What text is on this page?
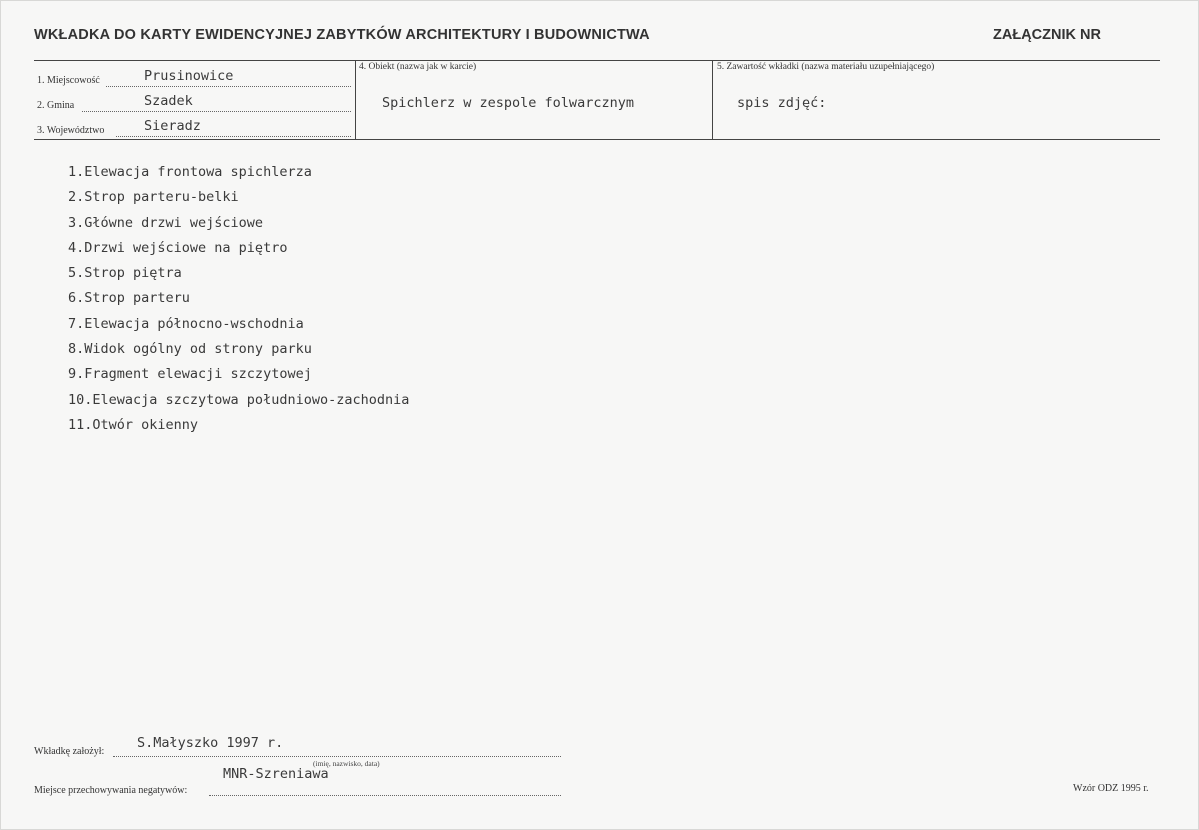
WKŁADKA DO KARTY EWIDENCYJNEJ ZABYTKÓW ARCHITEKTURY I BUDOWNICTWA	ZAŁĄCZNIK NR
1. Miejscowość	Prusinowice
2. Gmina	Szadek
3. Województwo	Sieradz
4. Obiekt (nazwa jak w karcie)
Spichlerz w zespole folwarcznym
5. Zawartość wkładki (nazwa materiału uzupełniającego)
spis zdjęć:
1.Elewacja frontowa spichlerza
2.Strop parteru-belki
3.Główne drzwi wejściowe
4.Drzwi wejściowe na piętro
5.Strop piętra
6.Strop parteru
7.Elewacja północno-wschodnia
8.Widok ogólny od strony parku
9.Fragment elewacji szczytowej
10.Elewacja szczytowa południowo-zachodnia
11.Otwór okienny
Wkładkę założył:
S.Małyszko 1997 r.
(imię, nazwisko, data)
Miejsce przechowywania negatywów:
MNR-Szreniawa
Wzór ODZ 1995 r.
